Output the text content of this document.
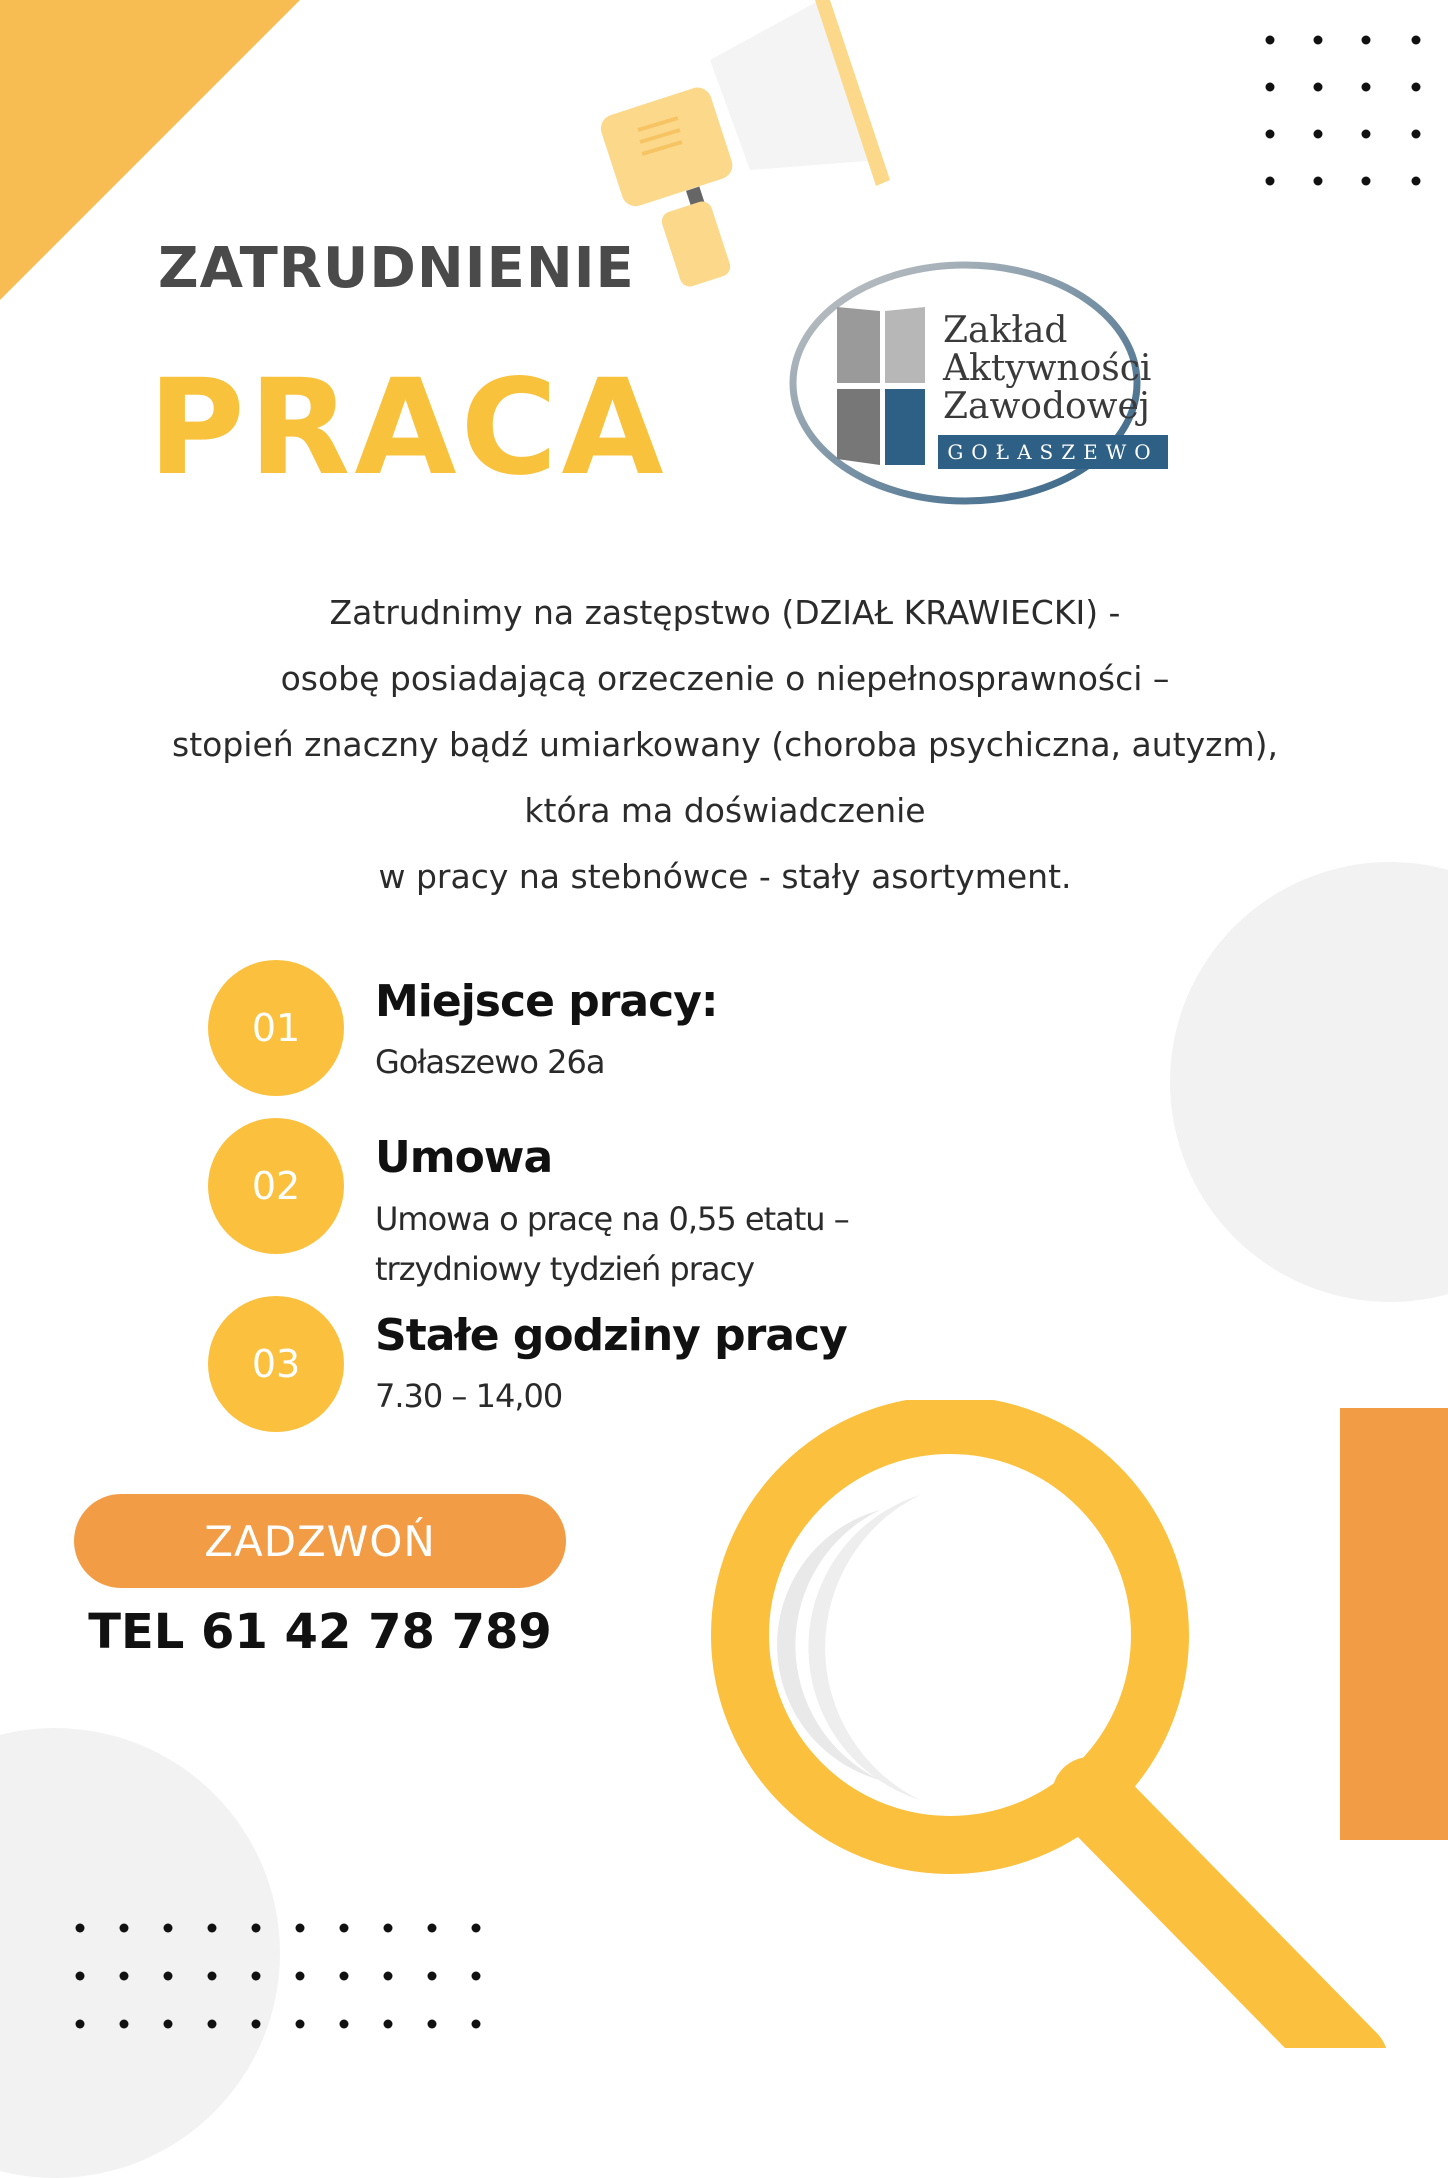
ZATRUDNIENIE
PRACA
Zakład
Aktywności
Zawodowej
GOŁASZEWO
Zatrudnimy na zastępstwo (DZIAŁ KRAWIECKI) -
osobę posiadającą orzeczenie o niepełnosprawności –
stopień znaczny bądź umiarkowany (choroba psychiczna, autyzm),
która ma doświadczenie
w pracy na stebnówce - stały asortyment.
01
Miejsce pracy:
Gołaszewo 26a
02
Umowa
Umowa o pracę na 0,55 etatu –
trzydniowy tydzień pracy
03
Stałe godziny pracy
7.30 – 14,00
ZADZWOŃ
TEL 61 42 78 789
